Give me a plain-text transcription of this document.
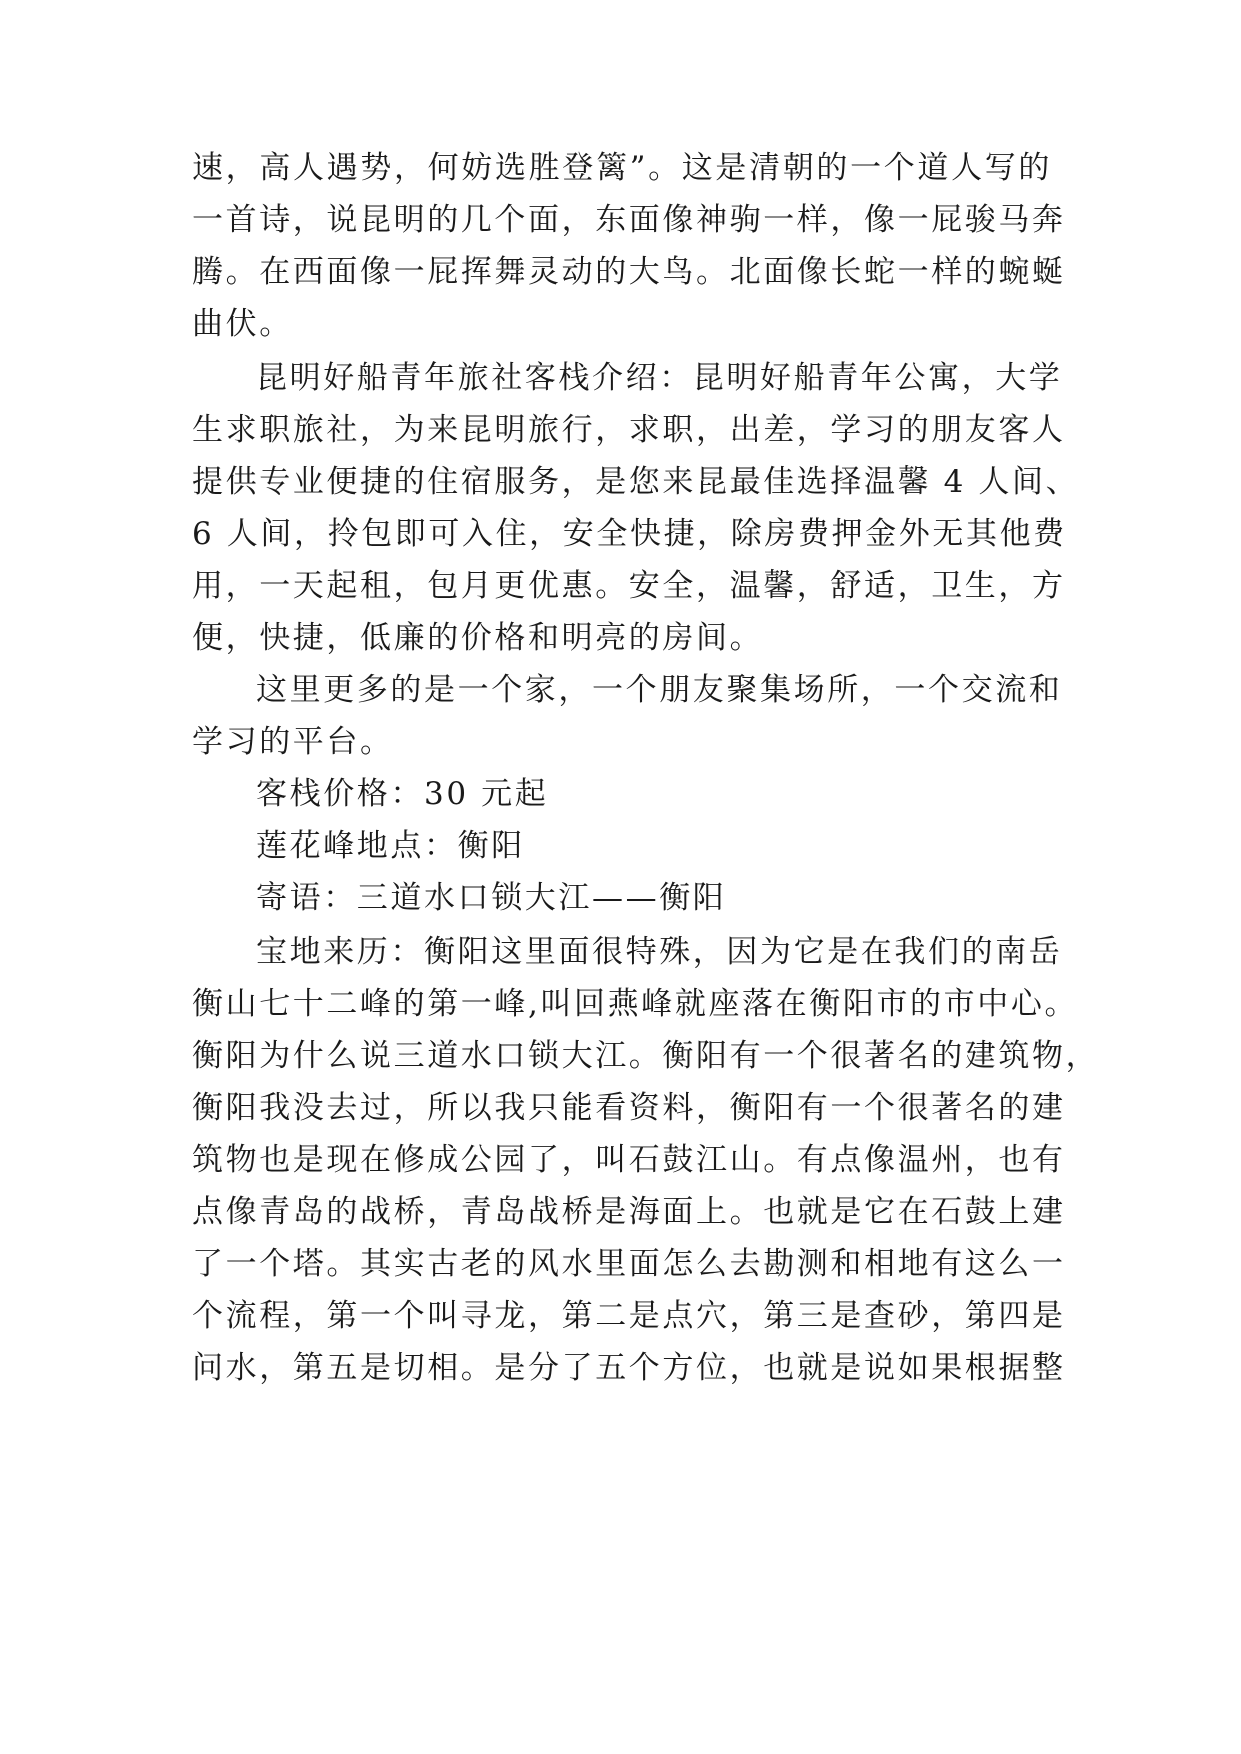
速，高人遇势，何妨选胜登篱”。这是清朝的一个道人写的
一首诗，说昆明的几个面，东面像神驹一样，像一屁骏马奔
腾。在西面像一屁挥舞灵动的大鸟。北面像长蛇一样的蜿蜒
曲伏。
昆明好船青年旅社客栈介绍：昆明好船青年公寓，大学
生求职旅社，为来昆明旅行，求职，出差，学习的朋友客人
提供专业便捷的住宿服务，是您来昆最佳选择温馨 4 人间、
6 人间，拎包即可入住，安全快捷，除房费押金外无其他费
用，一天起租，包月更优惠。安全，温馨，舒适，卫生，方
便，快捷，低廉的价格和明亮的房间。
这里更多的是一个家，一个朋友聚集场所，一个交流和
学习的平台。
客栈价格：30 元起
莲花峰地点：衡阳
寄语：三道水口锁大江——衡阳
宝地来历：衡阳这里面很特殊，因为它是在我们的南岳
衡山七十二峰的第一峰,叫回燕峰就座落在衡阳市的市中心。
衡阳为什么说三道水口锁大江。衡阳有一个很著名的建筑物，
衡阳我没去过，所以我只能看资料，衡阳有一个很著名的建
筑物也是现在修成公园了，叫石鼓江山。有点像温州，也有
点像青岛的战桥，青岛战桥是海面上。也就是它在石鼓上建
了一个塔。其实古老的风水里面怎么去勘测和相地有这么一
个流程，第一个叫寻龙，第二是点穴，第三是查砂，第四是
问水，第五是切相。是分了五个方位，也就是说如果根据整
